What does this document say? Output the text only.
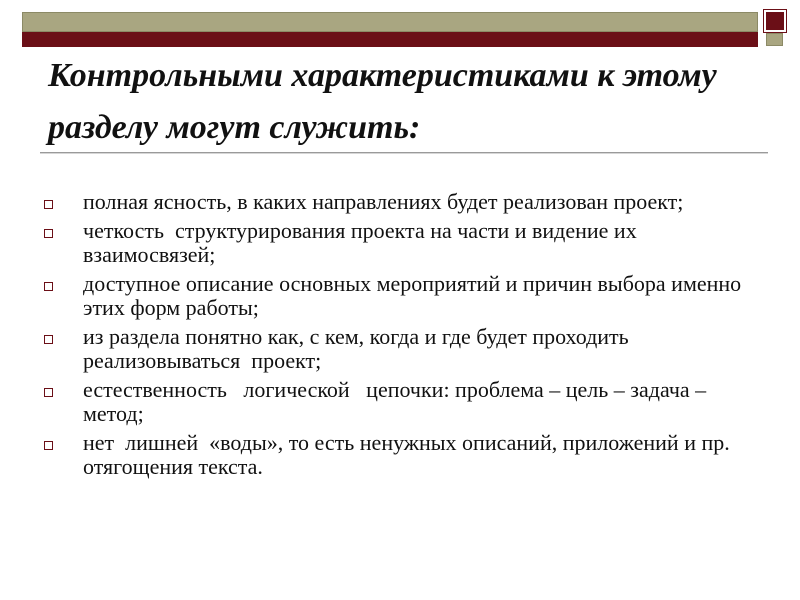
Контрольными характеристиками к этому разделу могут служить:
полная ясность, в каких направлениях будет реализован проект;
четкость  структурирования проекта на части и видение их взаимосвязей;
доступное описание основных мероприятий и причин выбора именно этих форм работы;
из раздела понятно как, с кем, когда и где будет проходить реализовываться  проект;
естественность   логической   цепочки: проблема – цель – задача – метод;
нет  лишней  «воды», то есть ненужных описаний, приложений и пр. отягощения текста.
